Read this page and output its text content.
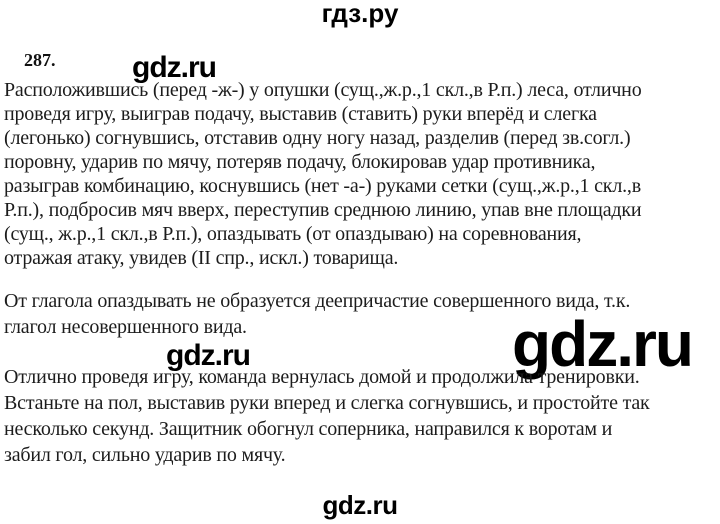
гдз.ру
287.	gdz.ru
Расположившись (перед -ж-) у опушки (сущ.,ж.р.,1 скл.,в Р.п.) леса, отлично
проведя игру, выиграв подачу, выставив (ставить) руки вперёд и слегка
(легонько) согнувшись, отставив одну ногу назад, разделив (перед зв.согл.)
поровну, ударив по мячу, потеряв подачу, блокировав удар противника,
разыграв комбинацию, коснувшись (нет -а-) руками сетки (сущ.,ж.р.,1 скл.,в
Р.п.), подбросив мяч вверх, переступив среднюю линию, упав вне площадки
(сущ., ж.р.,1 скл.,в Р.п.), опаздывать (от опаздываю) на соревнования,
отражая атаку, увидев (II спр., искл.) товарища.
От глагола опаздывать не образуется деепричастие совершенного вида, т.к.
глагол несовершенного вида.
gdz.ru	gdz.ru
Отлично проведя игру, команда вернулась домой и продолжила тренировки.
Встаньте на пол, выставив руки вперед и слегка согнувшись, и простойте так
несколько секунд. Защитник обогнул соперника, направился к воротам и
забил гол, сильно ударив по мячу.
gdz.ru
